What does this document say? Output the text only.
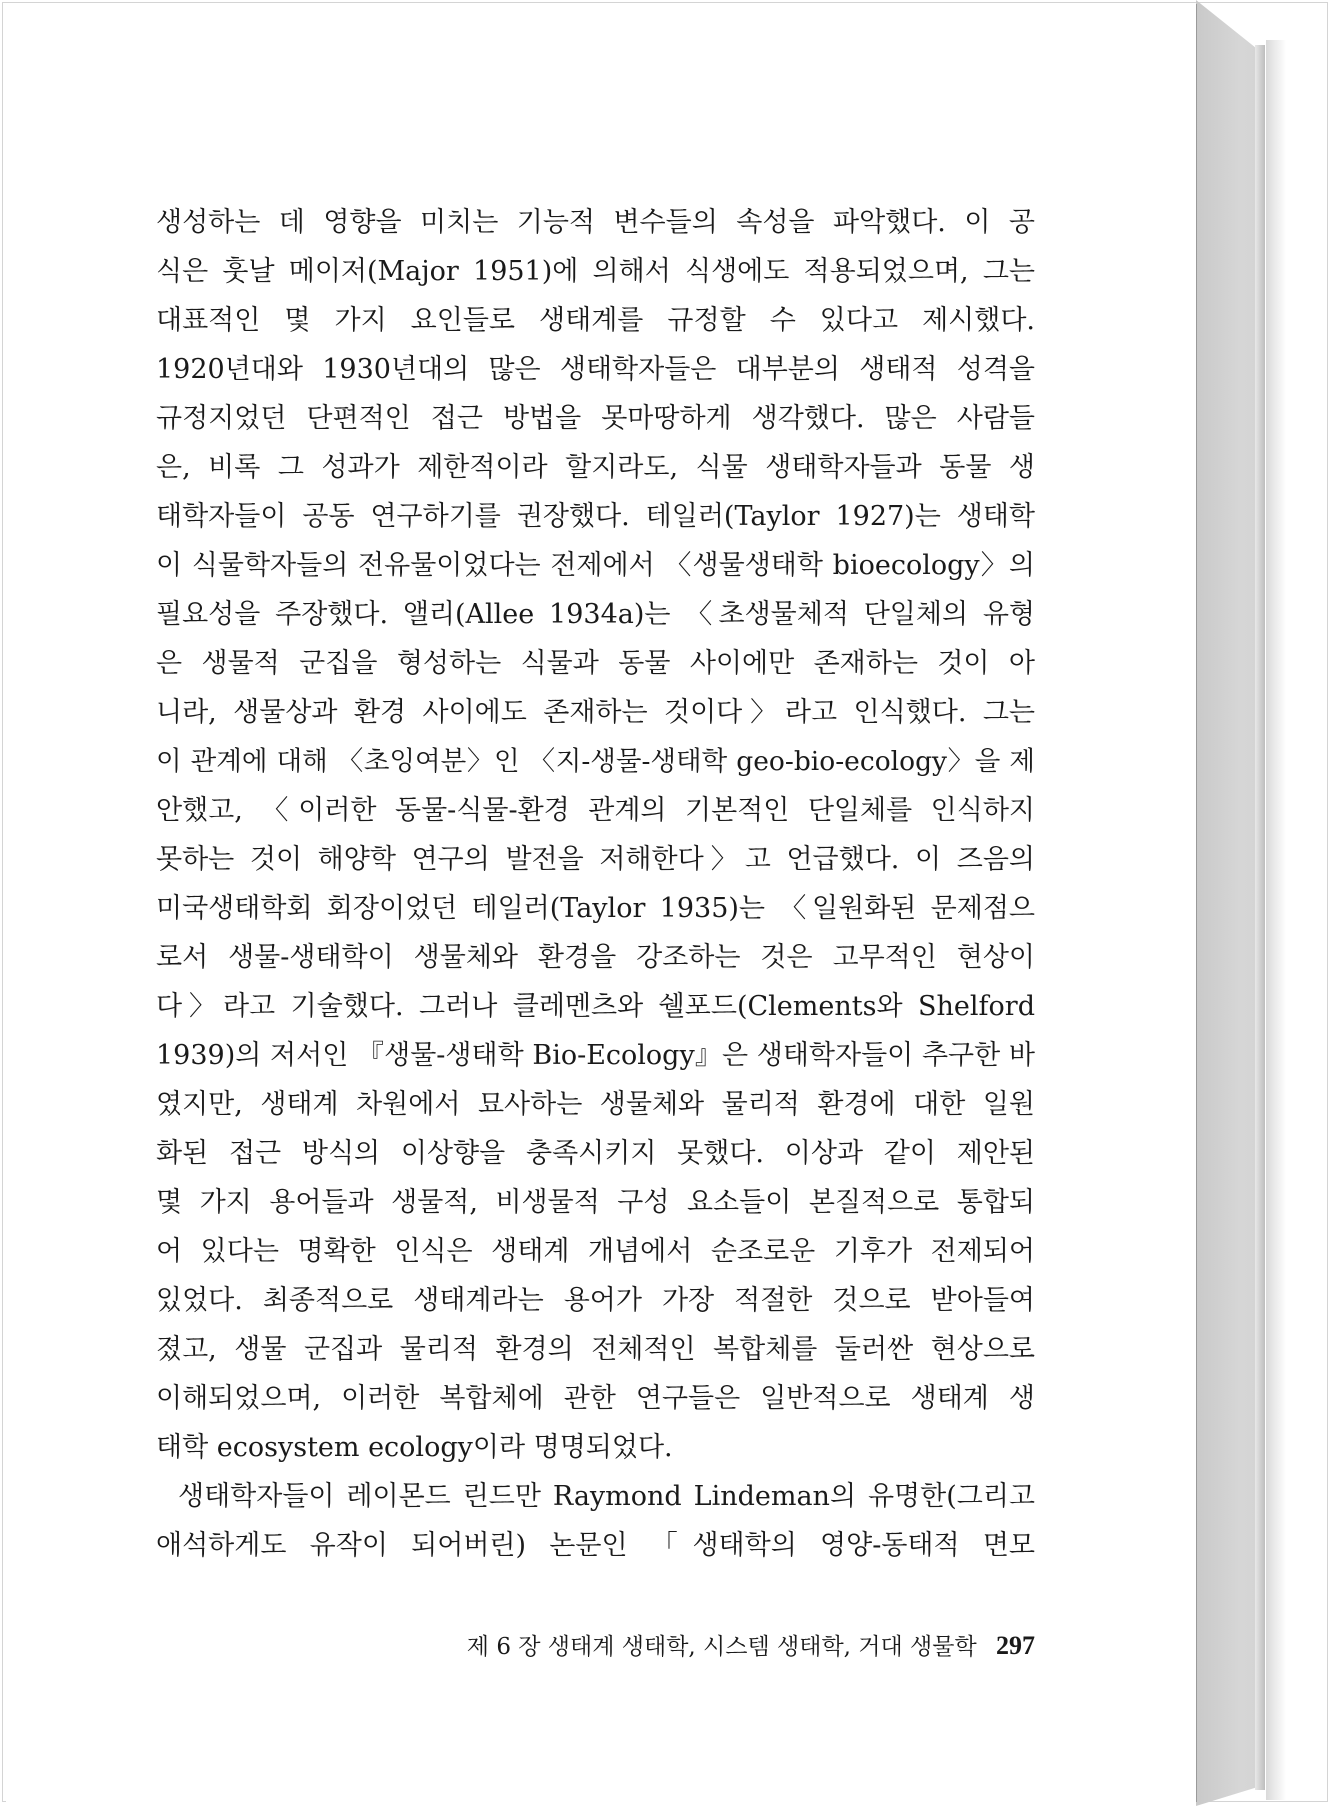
생성하는 데 영향을 미치는 기능적 변수들의 속성을 파악했다. 이 공
식은 훗날 메이저(Major 1951)에 의해서 식생에도 적용되었으며, 그는
대표적인 몇 가지 요인들로 생태계를 규정할 수 있다고 제시했다.
1920년대와 1930년대의 많은 생태학자들은 대부분의 생태적 성격을
규정지었던 단편적인 접근 방법을 못마땅하게 생각했다. 많은 사람들
은, 비록 그 성과가 제한적이라 할지라도, 식물 생태학자들과 동물 생
태학자들이 공동 연구하기를 권장했다. 테일러(Taylor 1927)는 생태학
이 식물학자들의 전유물이었다는 전제에서 〈생물생태학 bioecology〉의
필요성을 주장했다. 앨리(Allee 1934a)는 〈초생물체적 단일체의 유형
은 생물적 군집을 형성하는 식물과 동물 사이에만 존재하는 것이 아
니라, 생물상과 환경 사이에도 존재하는 것이다〉라고 인식했다. 그는
이 관계에 대해 〈초잉여분〉인 〈지-생물-생태학 geo-bio-ecology〉을 제
안했고, 〈이러한 동물-식물-환경 관계의 기본적인 단일체를 인식하지
못하는 것이 해양학 연구의 발전을 저해한다〉고 언급했다. 이 즈음의
미국생태학회 회장이었던 테일러(Taylor 1935)는 〈일원화된 문제점으
로서 생물-생태학이 생물체와 환경을 강조하는 것은 고무적인 현상이
다〉라고 기술했다. 그러나 클레멘츠와 쉘포드(Clements와 Shelford
1939)의 저서인 『생물-생태학 Bio-Ecology』은 생태학자들이 추구한 바
였지만, 생태계 차원에서 묘사하는 생물체와 물리적 환경에 대한 일원
화된 접근 방식의 이상향을 충족시키지 못했다. 이상과 같이 제안된
몇 가지 용어들과 생물적, 비생물적 구성 요소들이 본질적으로 통합되
어 있다는 명확한 인식은 생태계 개념에서 순조로운 기후가 전제되어
있었다. 최종적으로 생태계라는 용어가 가장 적절한 것으로 받아들여
졌고, 생물 군집과 물리적 환경의 전체적인 복합체를 둘러싼 현상으로
이해되었으며, 이러한 복합체에 관한 연구들은 일반적으로 생태계 생
태학 ecosystem ecology이라 명명되었다.
생태학자들이 레이몬드 린드만 Raymond Lindeman의 유명한(그리고
애석하게도 유작이 되어버린) 논문인 「생태학의 영양-동태적 면모
제 6 장 생태계 생태학, 시스템 생태학, 거대 생물학 297
